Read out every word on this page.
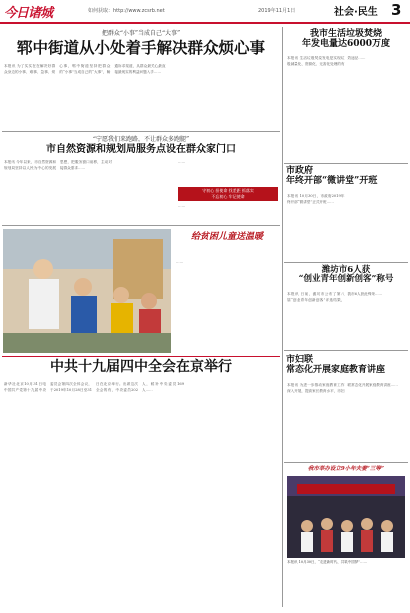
今日诸城	如何获取：http://www.zcsrb.net	2019年11月1日	社会·民生 3
把群众“小事”当成自己“大事”
郓中街道从小处着手解决群众烦心事
本报讯 为了实实在在解决好群众身边的小事、难事、急事、烦心事，郓中街道坚持把群众的“小事”当成自己的“大事”，畅通诉求渠道，从群众最关心最直接最现实的利益问题入手……
“宁愿我们来跑路，不让群众多跑腿”
市自然资源和规划局服务点设在群众家门口
本报讯 今年以来，市自然资源和规划局坚持以人民为中心的发展思想，把服务窗口前移，主动对接群众需求……
守初心 担使命 找差距 抓落实
不忘初心 牢记使命
……
……
给贫困儿童送温暖
……
中共十九届四中全会在京举行
新华社北京10月31日电 中国共产党第十九届中央委员会第四次全体会议，于2019年10月28日至31日在北京举行。出席这次全会的有，中央委员202人，候补中央委员169人……
我市生活垃圾焚烧
年发电量达6000万度
本报讯 生活垃圾焚烧发电是实现垃圾减量化、资源化、无害化处理的有效途径……
市政府
年终开部“微讲堂”开班
本报讯 10月30日，市政府2019年终开部“微讲堂”正式开班……
潍坊市6人获
“创业青年创新创客”称号
本报讯 日前，潍坊市公布了第八届“创业青年创新创客”评选结果，我市6人获此殊荣……
市妇联
常态化开展家庭教育讲座
本报讯 为进一步推动家庭教育工作深入开展，提高家长教育水平，市妇联常态化开展家庭教育讲座……
我市举办设立9小年夫妻“三等”
本报讯 10月30日，“走进新时代、共筑中国梦”……
